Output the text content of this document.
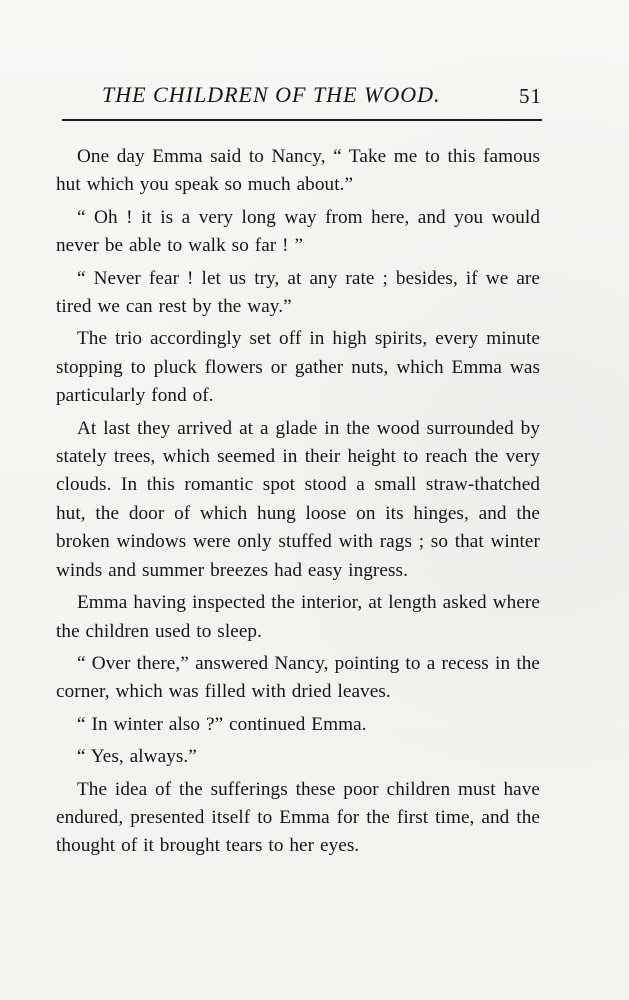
THE CHILDREN OF THE WOOD.	51

One day Emma said to Nancy, “ Take me to this famous hut which you speak so much about.”

“ Oh ! it is a very long way from here, and you would never be able to walk so far ! ”

“ Never fear ! let us try, at any rate ; besides, if we are tired we can rest by the way.”

The trio accordingly set off in high spirits, every minute stopping to pluck flowers or gather nuts, which Emma was particularly fond of.

At last they arrived at a glade in the wood surrounded by stately trees, which seemed in their height to reach the very clouds. In this romantic spot stood a small straw-thatched hut, the door of which hung loose on its hinges, and the broken windows were only stuffed with rags ; so that winter winds and summer breezes had easy ingress.

Emma having inspected the interior, at length asked where the children used to sleep.

“ Over there,” answered Nancy, pointing to a recess in the corner, which was filled with dried leaves.

“ In winter also ?” continued Emma.

“ Yes, always.”

The idea of the sufferings these poor children must have endured, presented itself to Emma for the first time, and the thought of it brought tears to her eyes.
